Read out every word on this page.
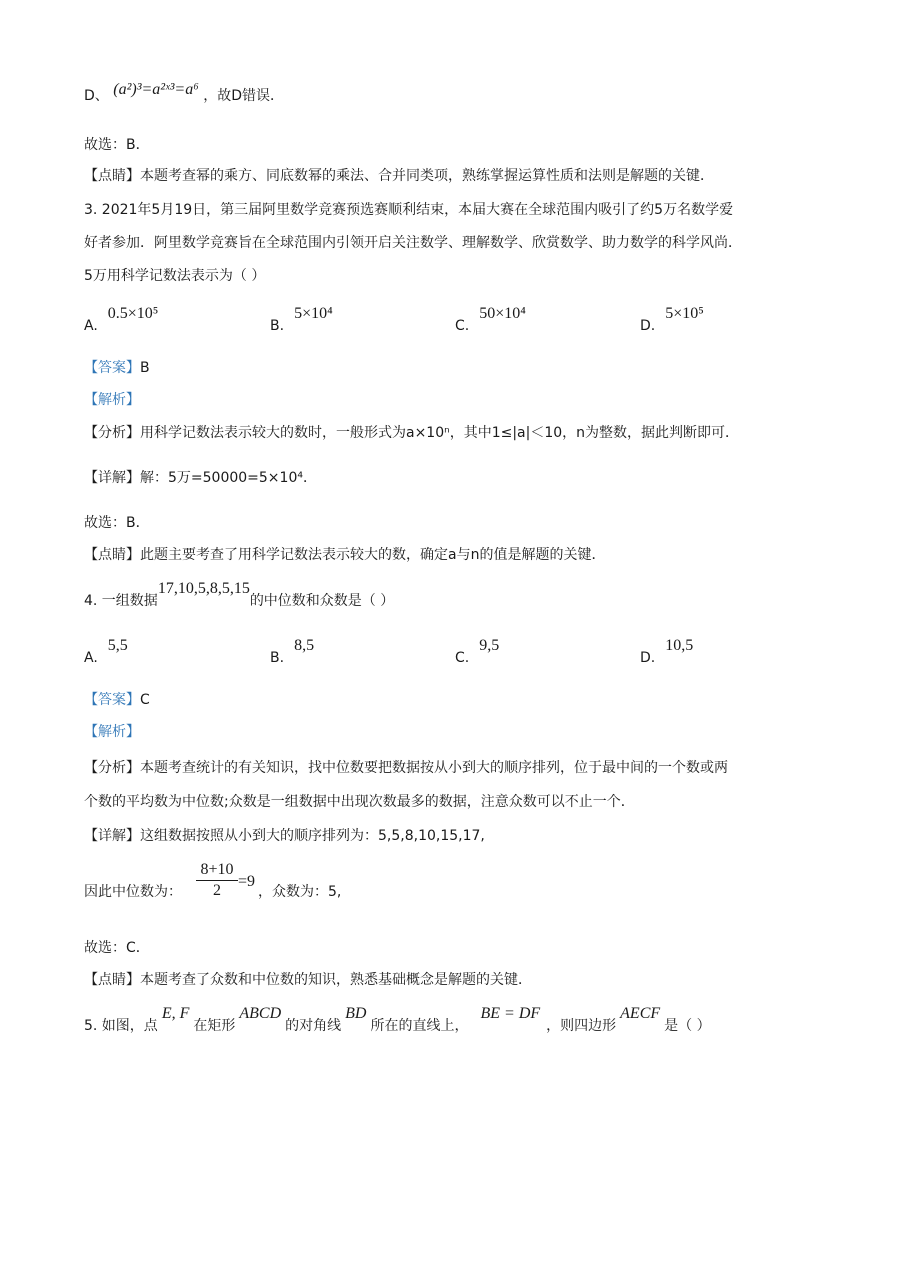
D、 (a²)³=a²ˣ³=a⁶ ，故D错误．
故选：B．
【点睛】本题考查幂的乘方、同底数幂的乘法、合并同类项，熟练掌握运算性质和法则是解题的关键．
3. 2021年5月19日，第三届阿里数学竞赛预选赛顺利结束，本届大赛在全球范围内吸引了约5万名数学爱
好者参加．阿里数学竞赛旨在全球范围内引领开启关注数学、理解数学、欣赏数学、助力数学的科学风尚．
5万用科学记数法表示为（ ）
A.0.5×10⁵
B.5×10⁴
C.50×10⁴
D.5×10⁵
【答案】B
【解析】
【分析】用科学记数法表示较大的数时，一般形式为a×10ⁿ，其中1≤|a|＜10，n为整数，据此判断即可．
【详解】解：5万=50000=5×10⁴．
故选：B．
【点睛】此题主要考查了用科学记数法表示较大的数，确定a与n的值是解题的关键．
4. 一组数据17,10,5,8,5,15的中位数和众数是（ ）
A.5,5
B.8,5
C.9,5
D.10,5
【答案】C
【解析】
【分析】本题考查统计的有关知识，找中位数要把数据按从小到大的顺序排列，位于最中间的一个数或两
个数的平均数为中位数;众数是一组数据中出现次数最多的数据，注意众数可以不止一个．
【详解】这组数据按照从小到大的顺序排列为：5,5,8,10,15,17,
因此中位数为： $\frac{8+10}{2} =9$
，众数为：5,
故选：C．
【点睛】本题考查了众数和中位数的知识，熟悉基础概念是解题的关键．
5. 如图，点E, F在矩形ABCD的对角线BD所在的直线上，BE = DF，则四边形AECF是（ ）
